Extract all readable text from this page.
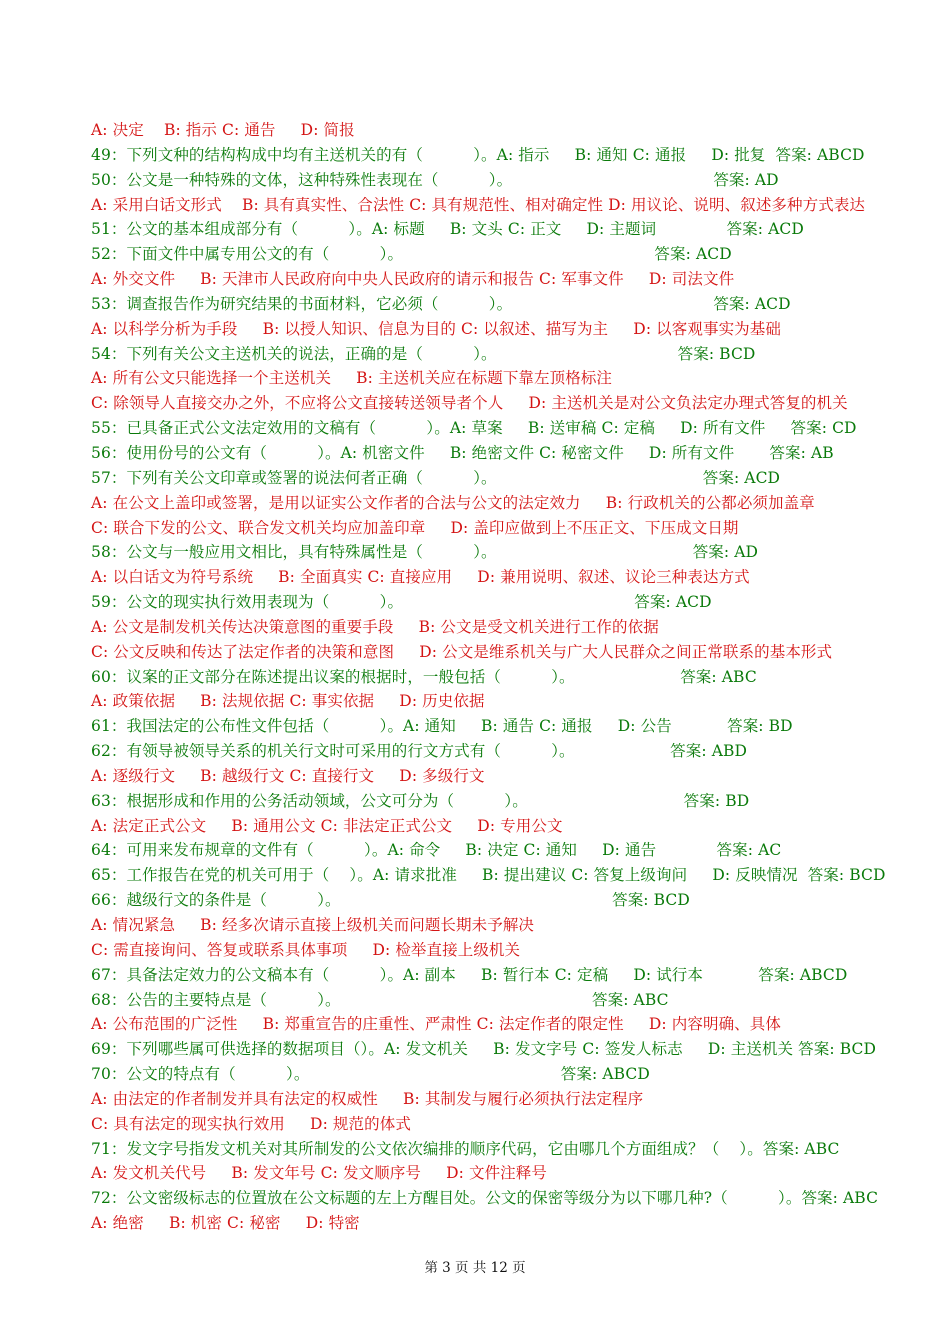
A: 决定    B: 指示 C: 通告     D: 简报
49：下列文种的结构构成中均有主送机关的有（          ）。A: 指示     B: 通知 C: 通报     D: 批复  答案: ABCD
50：公文是一种特殊的文体，这种特殊性表现在（          ）。                                        答案: AD
A: 采用白话文形式    B: 具有真实性、合法性 C: 具有规范性、相对确定性 D: 用议论、说明、叙述多种方式表达
51：公文的基本组成部分有（          ）。A: 标题     B: 文头 C: 正文     D: 主题词              答案: ACD
52：下面文件中属专用公文的有（          ）。                                                  答案: ACD
A: 外交文件     B: 天津市人民政府向中央人民政府的请示和报告 C: 军事文件     D: 司法文件
53：调查报告作为研究结果的书面材料，它必须（          ）。                                        答案: ACD
A: 以科学分析为手段     B: 以授人知识、信息为目的 C: 以叙述、描写为主     D: 以客观事实为基础
54：下列有关公文主送机关的说法，正确的是（          ）。                                    答案: BCD
A: 所有公文只能选择一个主送机关     B: 主送机关应在标题下靠左顶格标注
C: 除领导人直接交办之外，不应将公文直接转送领导者个人     D: 主送机关是对公文负法定办理式答复的机关
55：已具备正式公文法定效用的文稿有（          ）。A: 草案     B: 送审稿 C: 定稿     D: 所有文件     答案: CD
56：使用份号的公文有（          ）。A: 机密文件     B: 绝密文件 C: 秘密文件     D: 所有文件       答案: AB
57：下列有关公文印章或签署的说法何者正确（          ）。                                         答案: ACD
A: 在公文上盖印或签署，是用以证实公文作者的合法与公文的法定效力     B: 行政机关的公都必须加盖章
C: 联合下发的公文、联合发文机关均应加盖印章     D: 盖印应做到上不压正文、下压成文日期
58：公文与一般应用文相比，具有特殊属性是（          ）。                                       答案: AD
A: 以白话文为符号系统     B: 全面真实 C: 直接应用     D: 兼用说明、叙述、议论三种表达方式
59：公文的现实执行效用表现为（          ）。                                              答案: ACD
A: 公文是制发机关传达决策意图的重要手段     B: 公文是受文机关进行工作的依据
C: 公文反映和传达了法定作者的决策和意图     D: 公文是维系机关与广大人民群众之间正常联系的基本形式
60：议案的正文部分在陈述提出议案的根据时，一般包括（          ）。                     答案: ABC
A: 政策依据     B: 法规依据 C: 事实依据     D: 历史依据
61：我国法定的公布性文件包括（          ）。A: 通知     B: 通告 C: 通报     D: 公告           答案: BD
62：有领导被领导关系的机关行文时可采用的行文方式有（          ）。                   答案: ABD
A: 逐级行文     B: 越级行文 C: 直接行文     D: 多级行文
63：根据形成和作用的公务活动领域，公文可分为（          ）。                               答案: BD
A: 法定正式公文     B: 通用公文 C: 非法定正式公文     D: 专用公文
64：可用来发布规章的文件有（          ）。A: 命令     B: 决定 C: 通知     D: 通告            答案: AC
65：工作报告在党的机关可用于（    ）。A: 请求批准     B: 提出建议 C: 答复上级询问     D: 反映情况  答案: BCD
66：越级行文的条件是（          ）。                                                      答案: BCD
A: 情况紧急     B: 经多次请示直接上级机关而问题长期未予解决
C: 需直接询问、答复或联系具体事项     D: 检举直接上级机关
67：具备法定效力的公文稿本有（          ）。A: 副本     B: 暂行本 C: 定稿     D: 试行本           答案: ABCD
68：公告的主要特点是（          ）。                                                  答案: ABC
A: 公布范围的广泛性     B: 郑重宣告的庄重性、严肃性 C: 法定作者的限定性     D: 内容明确、具体
69：下列哪些属可供选择的数据项目（）。A: 发文机关     B: 发文字号 C: 签发人标志     D: 主送机关 答案: BCD
70：公文的特点有（          ）。                                                  答案: ABCD
A: 由法定的作者制发并具有法定的权威性     B: 其制发与履行必须执行法定程序
C: 具有法定的现实执行效用     D: 规范的体式
71：发文字号指发文机关对其所制发的公文依次编排的顺序代码，它由哪几个方面组成？（    ）。答案: ABC
A: 发文机关代号     B: 发文年号 C: 发文顺序号     D: 文件注释号
72：公文密级标志的位置放在公文标题的左上方醒目处。公文的保密等级分为以下哪几种?（          ）。答案: ABC
A: 绝密     B: 机密 C: 秘密     D: 特密
第 3 页 共 12 页
